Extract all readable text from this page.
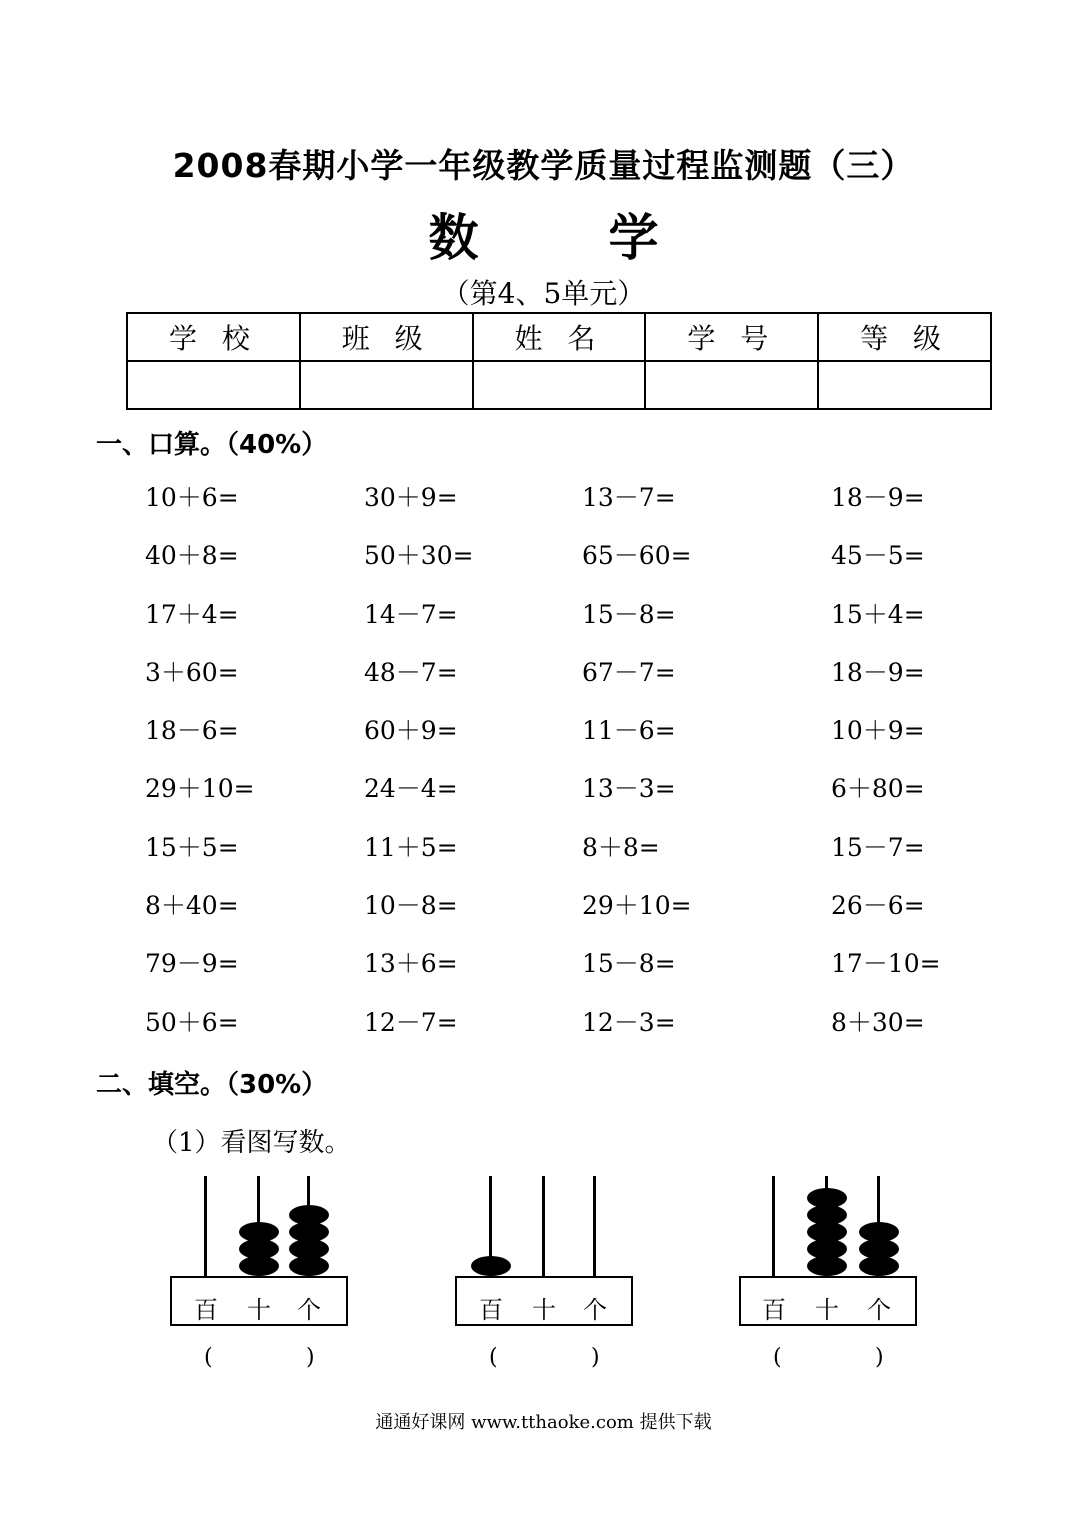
2008春期小学一年级教学质量过程监测题（三）
数	学
（第4、5单元）
学 校	班 级	姓 名	学 号	等 级

一、口算。（40%）
10＋6=	30＋9=	13－7=	18－9=
40＋8=	50＋30=	65－60=	45－5=
17＋4=	14－7=	15－8=	15＋4=
3＋60=	48－7=	67－7=	18－9=
18－6=	60＋9=	11－6=	10＋9=
29＋10=	24－4=	13－3=	6＋80=
15＋5=	11＋5=	8＋8=	15－7=
8＋40=	10－8=	29＋10=	26－6=
79－9=	13＋6=	15－8=	17－10=
50＋6=	12－7=	12－3=	8＋30=
二、填空。（30%）
（1）看图写数。
百 十 个
(	)
百 十 个
(	)
百 十 个
(	)
通通好课网 www.tthaoke.com 提供下载
